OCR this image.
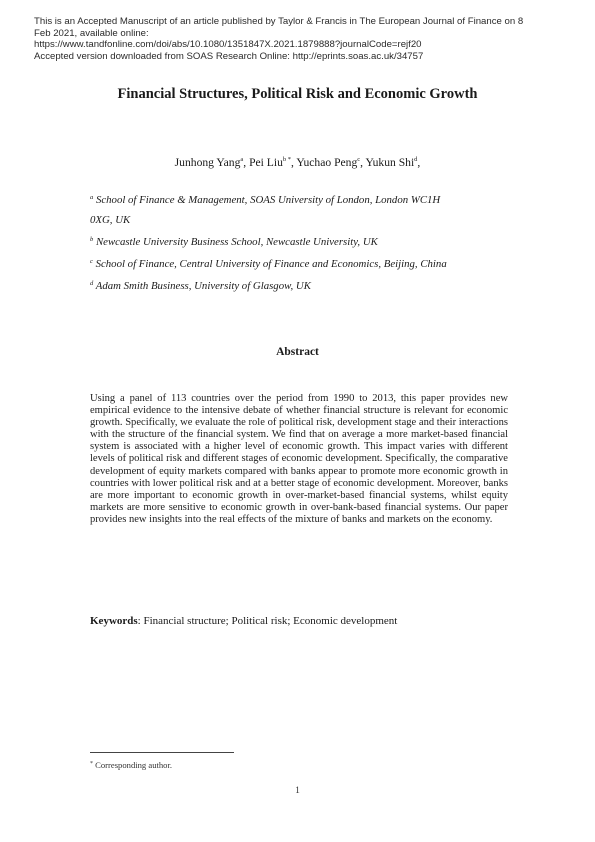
This is an Accepted Manuscript of an article published by Taylor & Francis in The European Journal of Finance on 8
Feb 2021, available online:
https://www.tandfonline.com/doi/abs/10.1080/1351847X.2021.1879888?journalCode=rejf20
Accepted version downloaded from SOAS Research Online: http://eprints.soas.ac.uk/34757
Financial Structures, Political Risk and Economic Growth
Junhong Yang$^a$, Pei Liu$^{b *}$, Yuchao Peng$^c$, Yukun Shi$^d$,
$^a$ School of Finance & Management, SOAS University of London, London WC1H
0XG, UK
$^b$ Newcastle University Business School, Newcastle University, UK
$^c$ School of Finance, Central University of Finance and Economics, Beijing, China
$^d$ Adam Smith Business, University of Glasgow, UK
Abstract
Using a panel of 113 countries over the period from 1990 to 2013, this paper provides new empirical evidence to the intensive debate of whether financial structure is relevant for economic growth. Specifically, we evaluate the role of political risk, development stage and their interactions with the structure of the financial system. We find that on average a more market-based financial system is associated with a higher level of economic growth. This impact varies with different levels of political risk and different stages of economic development. Specifically, the comparative development of equity markets compared with banks appear to promote more economic growth in countries with lower political risk and at a better stage of economic development. Moreover, banks are more important to economic growth in over-market-based financial systems, whilst equity markets are more sensitive to economic growth in over-bank-based financial systems. Our paper provides new insights into the real effects of the mixture of banks and markets on the economy.
Keywords: Financial structure; Political risk; Economic development
* Corresponding author.
1
